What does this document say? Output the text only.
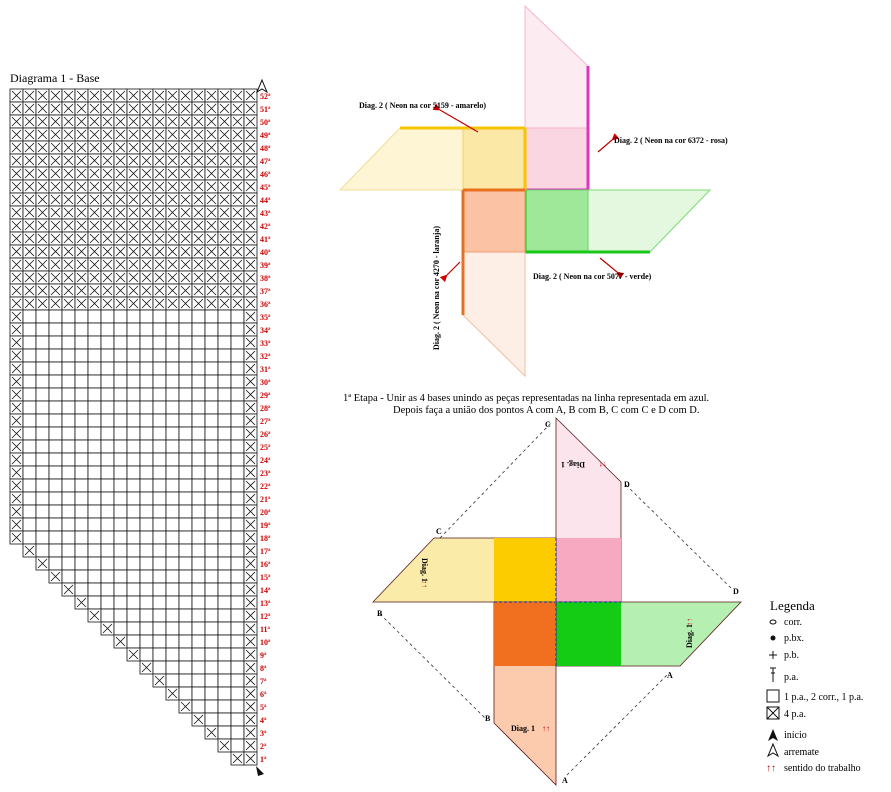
Diagrama 1 - Base
52ª
51ª
50ª
49ª
48ª
47ª
46ª
45ª
44ª
43ª
42ª
41ª
40ª
39ª
38ª
37ª
36ª
35ª
34ª
33ª
32ª
31ª
30ª
29ª
28ª
27ª
26ª
25ª
24ª
23ª
22ª
21ª
20ª
19ª
18ª
17ª
16ª
15ª
14ª
13ª
12ª
11ª
10ª
9ª
8ª
7ª
6ª
5ª
4ª
3ª
2ª
1ª
Diag. 2 ( Neon na cor 5159 - amarelo)
Diag. 2 ( Neon na cor 6372 - rosa)
Diag. 2 ( Neon na cor 5077 - verde)
Diag. 2 ( Neon na cor 4270 - laranja)
1ª Etapa - Unir as 4 bases unindo as peças representadas na linha representada em azul.
Depois faça a união dos pontos A com A, B com B, C com C e D com D.
Diag. 1 ↑↑
Diag. 1
↑↑
Diag. 1
↑↑
Diag. 1 ↑↑
C
C
D
D
B
B
A
A
Legenda
corr.
p.bx.
p.b.
p.a.
1 p.a., 2 corr., 1 p.a.
4 p.a.
início
arremate
↑↑ sentido do trabalho
